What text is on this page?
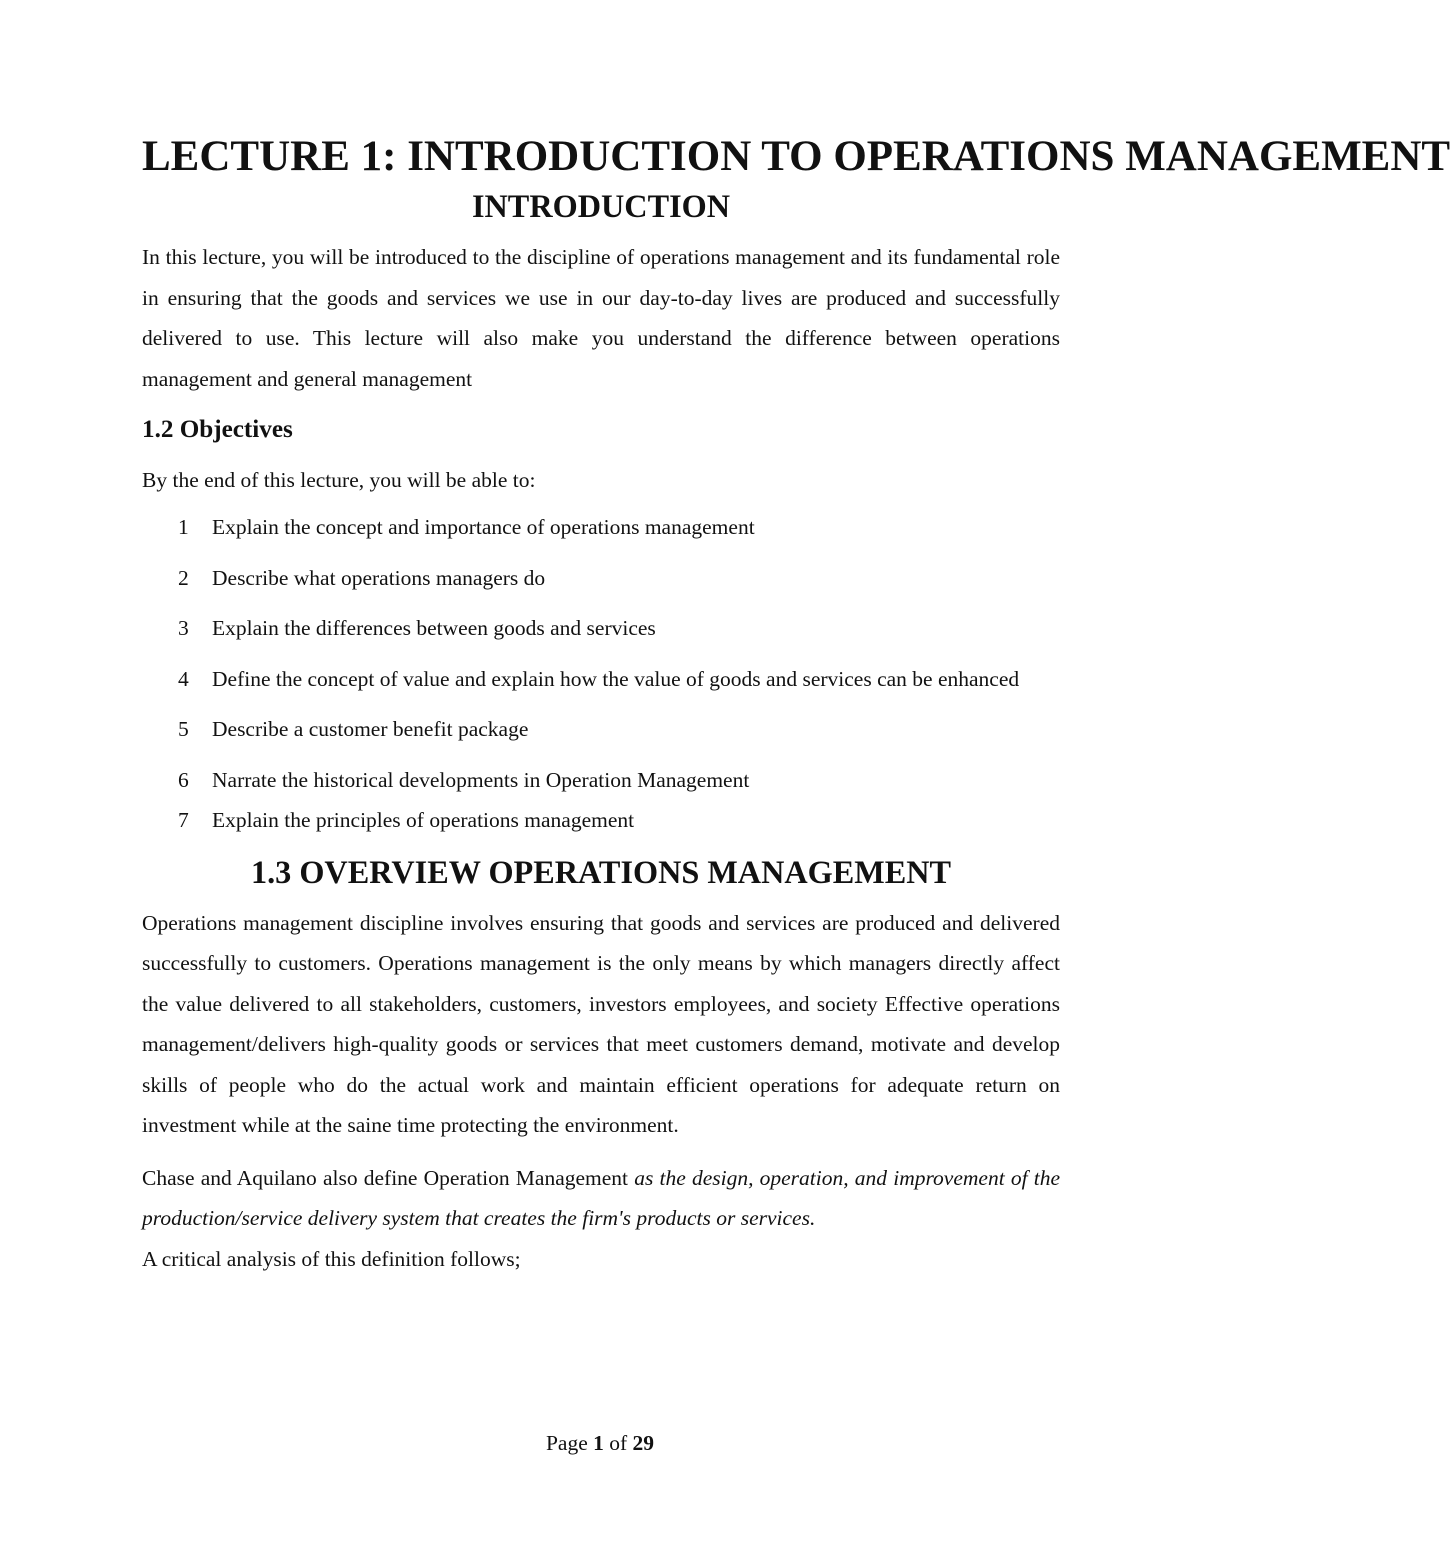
LECTURE 1: INTRODUCTION TO OPERATIONS MANAGEMENT
INTRODUCTION

In this lecture, you will be introduced to the discipline of operations management and its fundamental role in ensuring that the goods and services we use in our day-to-day lives are produced and successfully delivered to use. This lecture will also make you understand the difference between operations management and general management

1.2 Objectives

By the end of this lecture, you will be able to:

1 Explain the concept and importance of operations management
2 Describe what operations managers do
3 Explain the differences between goods and services
4 Define the concept of value and explain how the value of goods and services can be enhanced
5 Describe a customer benefit package
6 Narrate the historical developments in Operation Management
7 Explain the principles of operations management
1.3 OVERVIEW OPERATIONS MANAGEMENT

Operations management discipline involves ensuring that goods and services are produced and delivered successfully to customers. Operations management is the only means by which managers directly affect the value delivered to all stakeholders, customers, investors employees, and society Effective operations management/delivers high-quality goods or services that meet customers demand, motivate and develop skills of people who do the actual work and maintain efficient operations for adequate return on investment while at the saine time protecting the environment.

Chase and Aquilano also define Operation Management as the design, operation, and improvement of the production/service delivery system that creates the firm's products or services.
A critical analysis of this definition follows;

Page 1 of 29
